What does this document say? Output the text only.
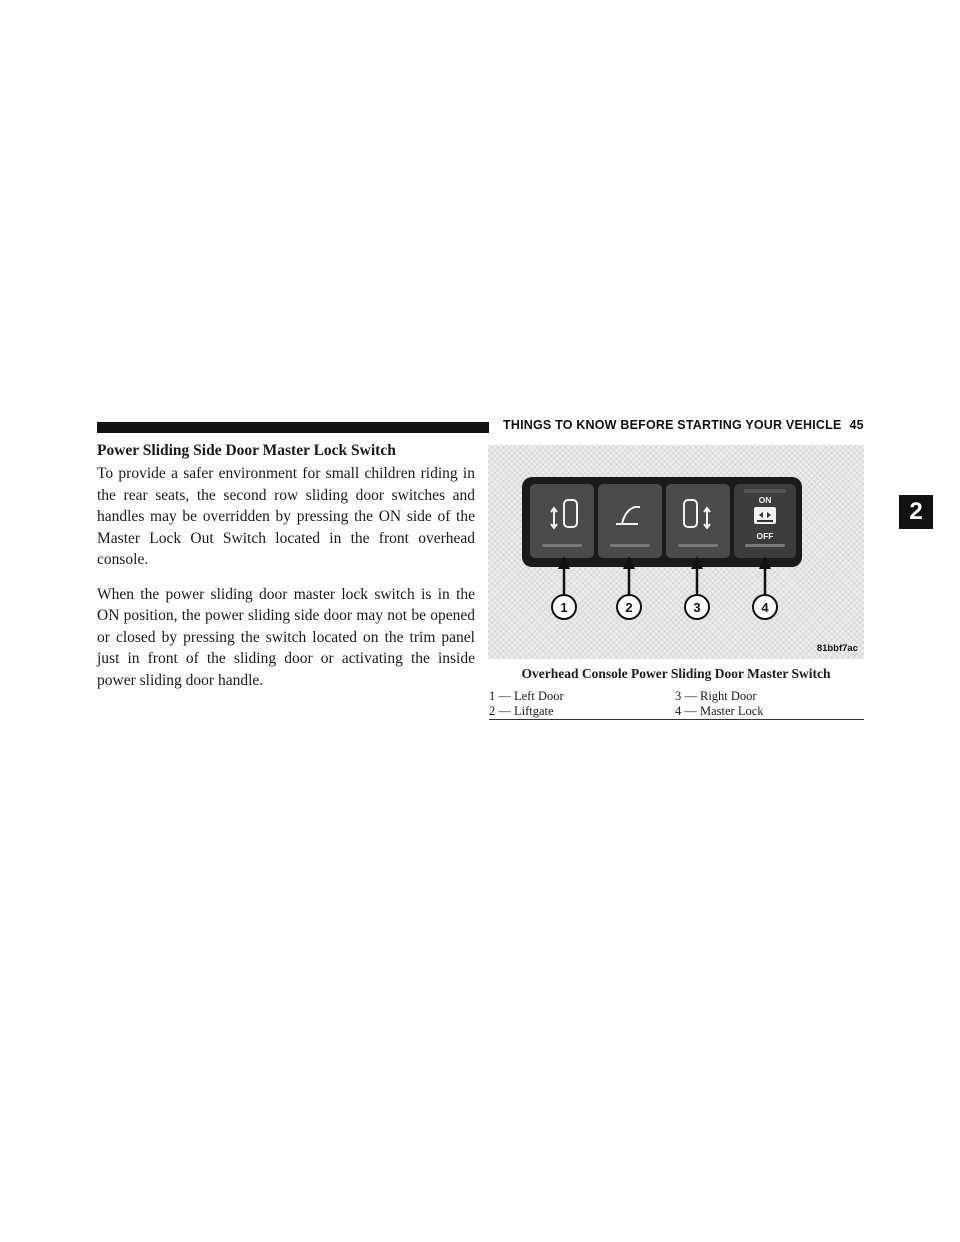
THINGS TO KNOW BEFORE STARTING YOUR VEHICLE 45
2
Power Sliding Side Door Master Lock Switch

To provide a safer environment for small children riding in the rear seats, the second row sliding door switches and handles may be overridden by pressing the ON side of the Master Lock Out Switch located in the front overhead console.

When the power sliding door master lock switch is in the ON position, the power sliding side door may not be opened or closed by pressing the switch located on the trim panel just in front of the sliding door or activating the inside power sliding door handle.

ON
OFF
1	2	3	4
81bbf7ac
Overhead Console Power Sliding Door Master Switch
1 — Left Door	3 — Right Door
2 — Liftgate	4 — Master Lock
